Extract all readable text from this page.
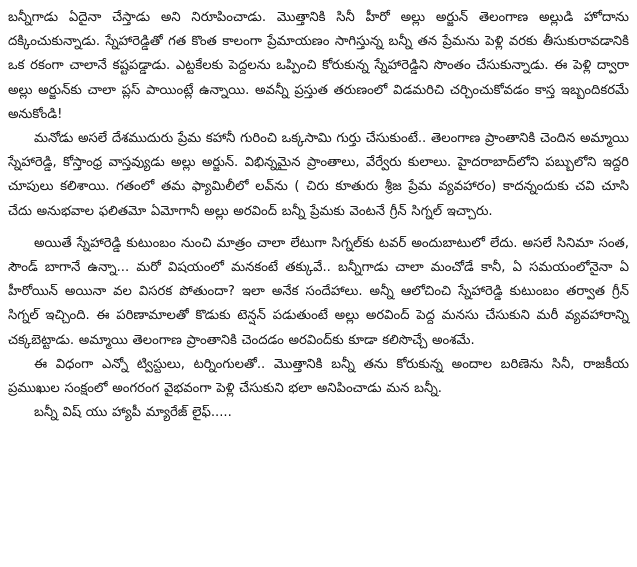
బన్నీగాడు ఏదైనా చేస్తాడు అని నిరూపించాడు. మొత్తానికి సినీ హీరో అల్లు అర్జున్ తెలంగాణ అల్లుడి హోదాను దక్కించుకున్నాడు. స్నేహారెడ్డితో గత కొంత కాలంగా ప్రేమాయణం సాగిస్తున్న బన్నీ తన ప్రేమను పెళ్లి వరకు తీసుకురావడానికి ఒక రకంగా చాలానే కష్టపడ్డాడు. ఎట్టకేలకు పెద్దలను ఒప్పించి కోరుకున్న స్నేహారెడ్డిని సొంతం చేసుకున్నాడు. ఈ పెళ్లి ద్వారా అల్లు అర్జున్‌కు చాలా ప్లస్ పాయింట్లే ఉన్నాయి. అవన్నీ ప్రస్తుత తరుణంలో విడమరిచి చర్చించుకోవడం కాస్త ఇబ్బందికరమే అనుకోండి!

మనోడు అసలే దేశముదురు ప్రేమ కహానీ గురించి ఒక్కసామి గుర్తు చేసుకుంటే.. తెలంగాణ ప్రాంతానికి చెందిన అమ్మాయి స్నేహారెడ్డి, కోస్తాంధ్ర వాస్తవ్యుడు అల్లు అర్జున్. విభిన్నమైన ప్రాంతాలు, వేర్వేరు కులాలు. హైదరాబాద్‌లోని పబ్బులోని ఇద్దరి చూపులు కలిశాయి. గతంలో తమ ఫ్యామిలీలో లవ్‌ను ( చిరు కూతురు శ్రీజ ప్రేమ వ్యవహారం) కాదన్నందుకు చవి చూసి చేదు అనుభవాల ఫలితమో ఏమోగానీ అల్లు అరవింద్ బన్నీ ప్రేమకు వెంటనే గ్రీన్ సిగ్నల్ ఇచ్చారు.

అయితే స్నేహారెడ్డి కుటుంబం నుంచి మాత్రం చాలా లేటుగా సిగ్నల్‌కు టవర్ అందుబాటులో లేదు. అసలే సినిమా సంత, సౌండ్ బాగానే ఉన్నా... మరో విషయంలో మనకంటే తక్కువే.. బన్నీగాడు చాలా మంచోడే కానీ, ఏ సమయంలోనైనా ఏ హీరోయిన్ అయినా వల విసరక పోతుందా? ఇలా అనేక సందేహాలు. అన్నీ ఆలోచించి స్నేహారెడ్డి కుటుంబం తర్వాత గ్రీన్ సిగ్నల్ ఇచ్చింది. ఈ పరిణామాలతో కొడుకు టెన్షన్ పడుతుంటే అల్లు అరవింద్ పెద్ద మనసు చేసుకుని మరీ వ్యవహారాన్ని చక్కబెట్టాడు. అమ్మాయి తెలంగాణ ప్రాంతానికి చెందడం అరవింద్‌కు కూడా కలిసొచ్చే అంశమే.

ఈ విధంగా ఎన్నో ట్విస్టులు, టర్నింగులతో.. మొత్తానికి బన్నీ తను కోరుకున్న అందాల బరిణెను సినీ, రాజకీయ ప్రముఖుల సంక్షంలో అంగరంగ వైభవంగా పెళ్లి చేసుకుని భలా అనిపించాడు మన బన్నీ.

బన్నీ విష్ యు హ్యాపీ మ్యారేజ్ లైఫ్.....
